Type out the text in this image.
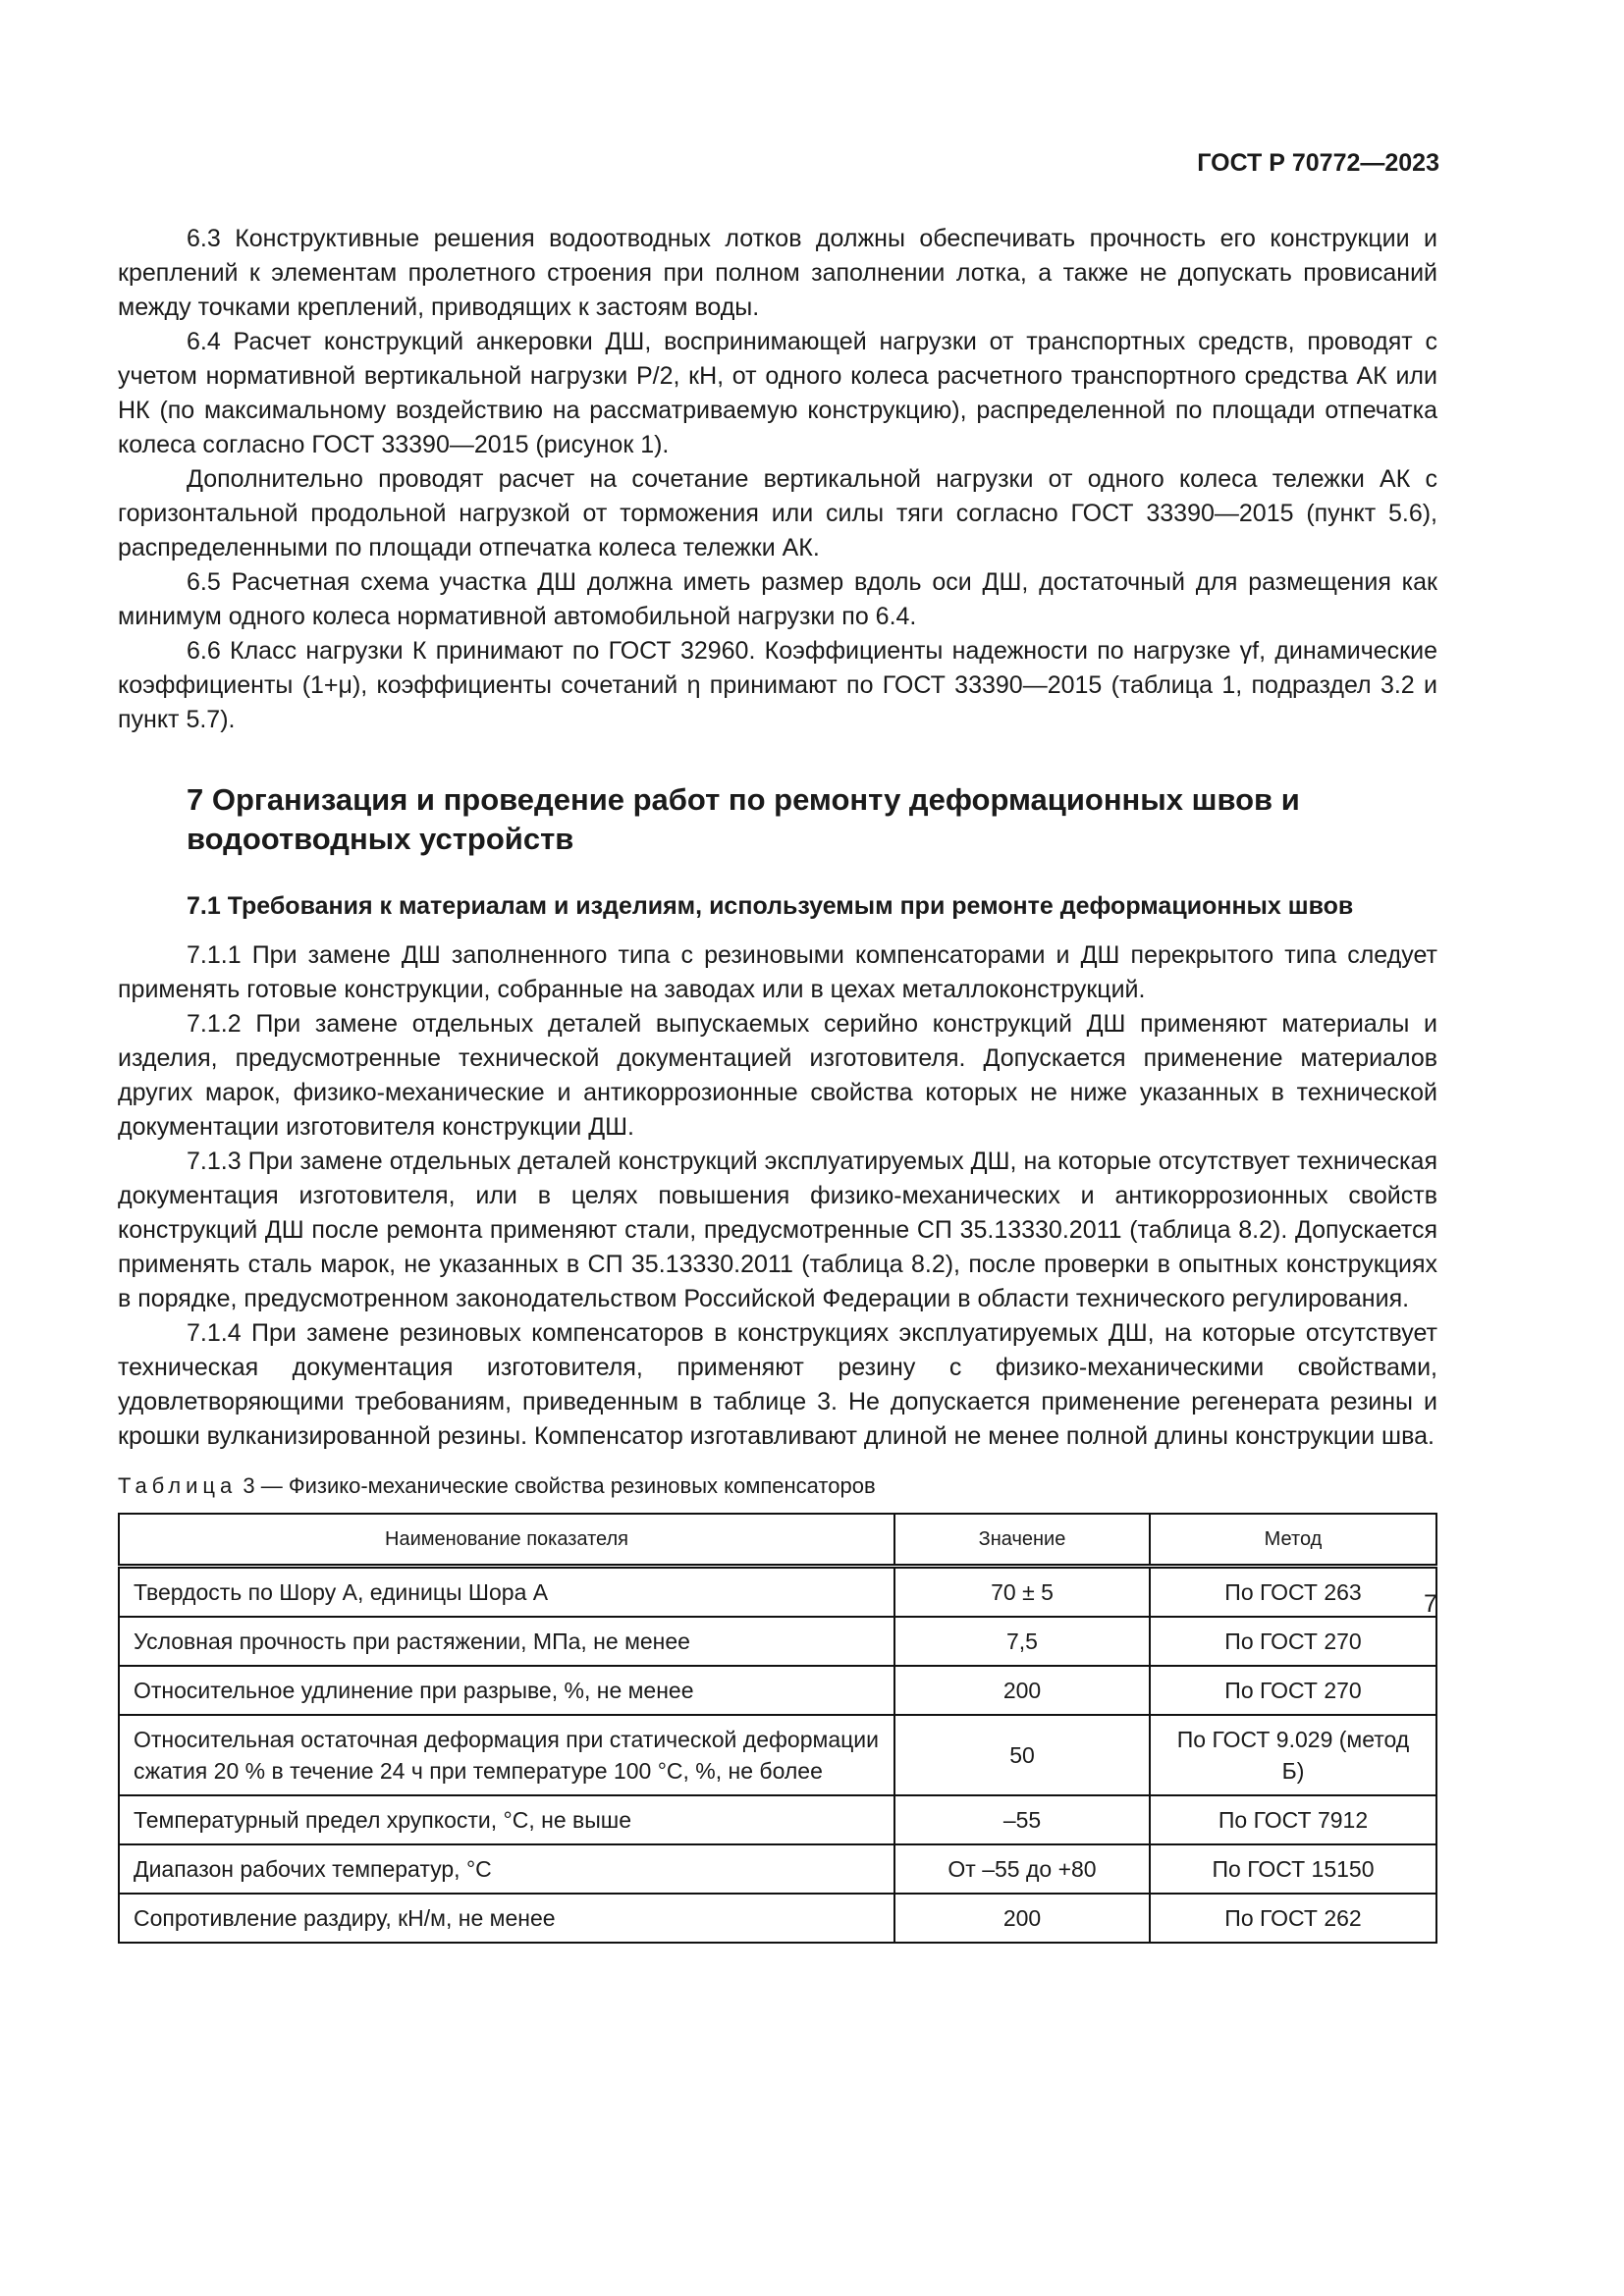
ГОСТ Р 70772—2023

6.3 Конструктивные решения водоотводных лотков должны обеспечивать прочность его конструкции и креплений к элементам пролетного строения при полном заполнении лотка, а также не допускать провисаний между точками креплений, приводящих к застоям воды.

6.4 Расчет конструкций анкеровки ДШ, воспринимающей нагрузки от транспортных средств, проводят с учетом нормативной вертикальной нагрузки P/2, кН, от одного колеса расчетного транспортного средства АК или НК (по максимальному воздействию на рассматриваемую конструкцию), распределенной по площади отпечатка колеса согласно ГОСТ 33390—2015 (рисунок 1).

Дополнительно проводят расчет на сочетание вертикальной нагрузки от одного колеса тележки АК с горизонтальной продольной нагрузкой от торможения или силы тяги согласно ГОСТ 33390—2015 (пункт 5.6), распределенными по площади отпечатка колеса тележки АК.

6.5 Расчетная схема участка ДШ должна иметь размер вдоль оси ДШ, достаточный для размещения как минимум одного колеса нормативной автомобильной нагрузки по 6.4.

6.6 Класс нагрузки К принимают по ГОСТ 32960. Коэффициенты надежности по нагрузке γf, динамические коэффициенты (1+μ), коэффициенты сочетаний η принимают по ГОСТ 33390—2015 (таблица 1, подраздел 3.2 и пункт 5.7).

7 Организация и проведение работ по ремонту деформационных швов и водоотводных устройств
7.1 Требования к материалам и изделиям, используемым при ремонте деформационных швов

7.1.1 При замене ДШ заполненного типа с резиновыми компенсаторами и ДШ перекрытого типа следует применять готовые конструкции, собранные на заводах или в цехах металлоконструкций.

7.1.2 При замене отдельных деталей выпускаемых серийно конструкций ДШ применяют материалы и изделия, предусмотренные технической документацией изготовителя. Допускается применение материалов других марок, физико-механические и антикоррозионные свойства которых не ниже указанных в технической документации изготовителя конструкции ДШ.

7.1.3 При замене отдельных деталей конструкций эксплуатируемых ДШ, на которые отсутствует техническая документация изготовителя, или в целях повышения физико-механических и антикоррозионных свойств конструкций ДШ после ремонта применяют стали, предусмотренные СП 35.13330.2011 (таблица 8.2). Допускается применять сталь марок, не указанных в СП 35.13330.2011 (таблица 8.2), после проверки в опытных конструкциях в порядке, предусмотренном законодательством Российской Федерации в области технического регулирования.

7.1.4 При замене резиновых компенсаторов в конструкциях эксплуатируемых ДШ, на которые отсутствует техническая документация изготовителя, применяют резину с физико-механическими свойствами, удовлетворяющими требованиям, приведенным в таблице 3. Не допускается применение регенерата резины и крошки вулканизированной резины. Компенсатор изготавливают длиной не менее полной длины конструкции шва.

Таблица 3 — Физико-механические свойства резиновых компенсаторов
Наименование показателя	Значение	Метод
Твердость по Шору А, единицы Шора А	70 ± 5	По ГОСТ 263
Условная прочность при растяжении, МПа, не менее	7,5	По ГОСТ 270
Относительное удлинение при разрыве, %, не менее	200	По ГОСТ 270
Относительная остаточная деформация при статической деформации сжатия 20 % в течение 24 ч при температуре 100 °С, %, не более	50	По ГОСТ 9.029 (метод Б)
Температурный предел хрупкости, °С, не выше	–55	По ГОСТ 7912
Диапазон рабочих температур, °С	От –55 до +80	По ГОСТ 15150
Сопротивление раздиру, кН/м, не менее	200	По ГОСТ 262
7
